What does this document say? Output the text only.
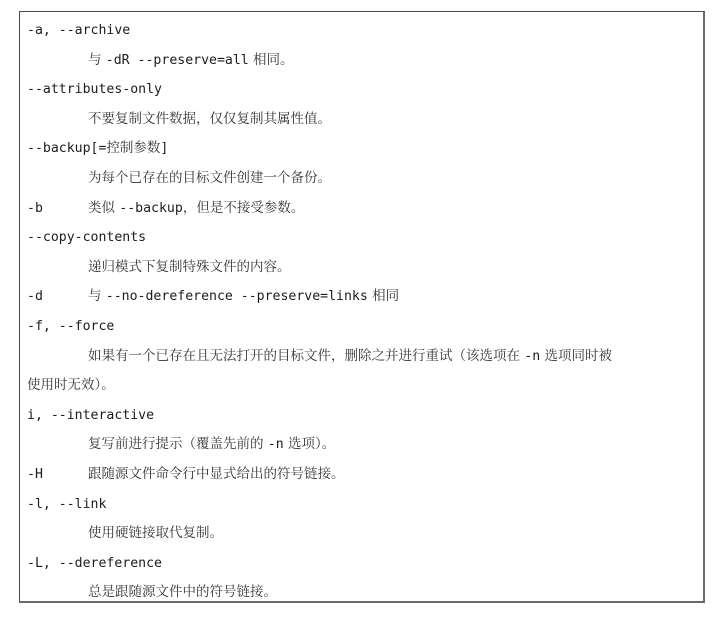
-a, --archive
与 -dR --preserve=all 相同。
--attributes-only
不要复制文件数据，仅仅复制其属性值。
--backup[=控制参数]
为每个已存在的目标文件创建一个备份。
-b	类似 --backup，但是不接受参数。
--copy-contents
递归模式下复制特殊文件的内容。
-d	与 --no-dereference --preserve=links 相同
-f, --force
如果有一个已存在且无法打开的目标文件，删除之并进行重试（该选项在 -n 选项同时被
使用时无效）。
i, --interactive
复写前进行提示（覆盖先前的 -n 选项）。
-H	跟随源文件命令行中显式给出的符号链接。
-l, --link
使用硬链接取代复制。
-L, --dereference
总是跟随源文件中的符号链接。
